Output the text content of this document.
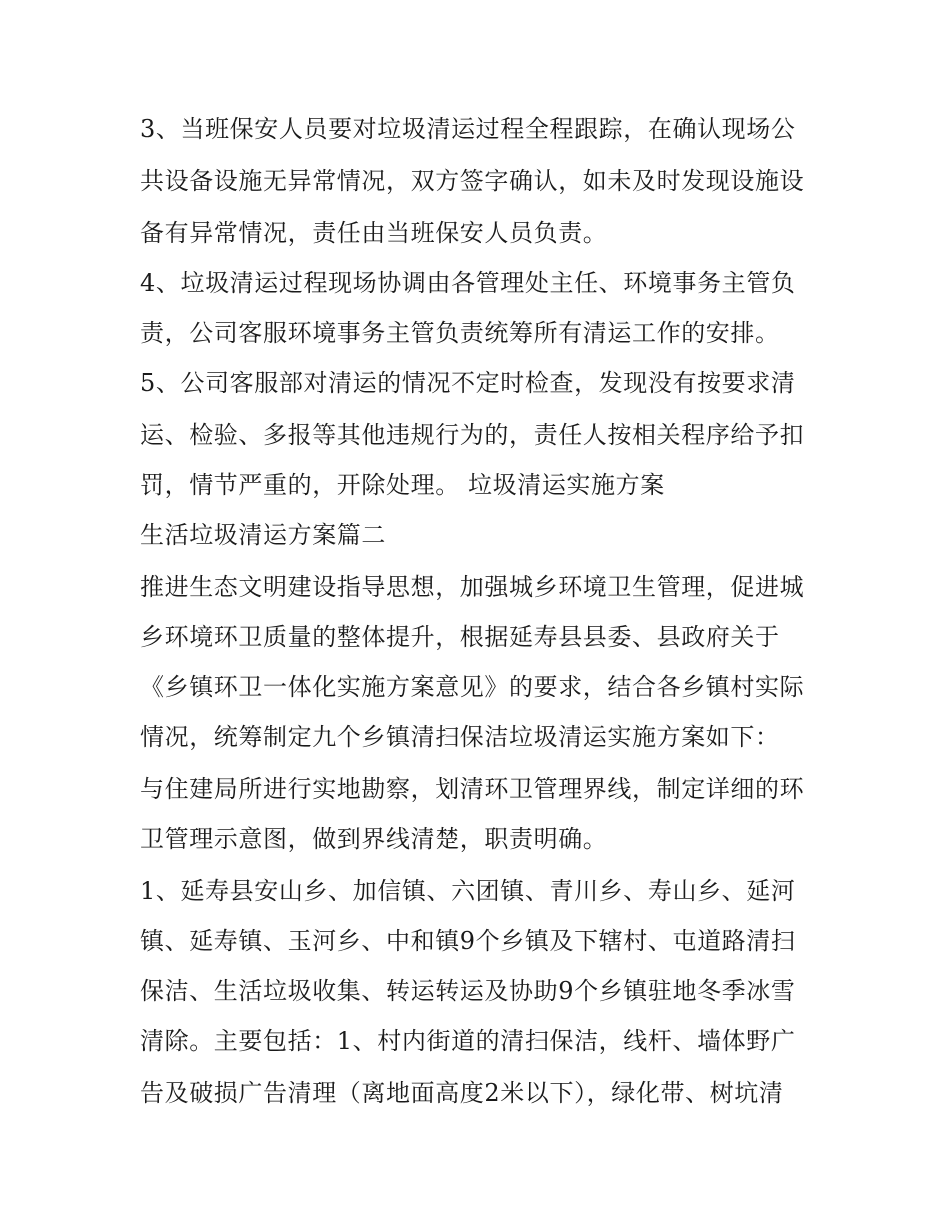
3、当班保安人员要对垃圾清运过程全程跟踪，在确认现场公
共设备设施无异常情况，双方签字确认，如未及时发现设施设
备有异常情况，责任由当班保安人员负责。
4、垃圾清运过程现场协调由各管理处主任、环境事务主管负
责，公司客服环境事务主管负责统筹所有清运工作的安排。
5、公司客服部对清运的情况不定时检查，发现没有按要求清
运、检验、多报等其他违规行为的，责任人按相关程序给予扣
罚，情节严重的，开除处理。 垃圾清运实施方案
生活垃圾清运方案篇二
推进生态文明建设指导思想，加强城乡环境卫生管理，促进城
乡环境环卫质量的整体提升，根据延寿县县委、县政府关于
《乡镇环卫一体化实施方案意见》的要求，结合各乡镇村实际
情况，统筹制定九个乡镇清扫保洁垃圾清运实施方案如下：
与住建局所进行实地勘察，划清环卫管理界线，制定详细的环
卫管理示意图，做到界线清楚，职责明确。
1、延寿县安山乡、加信镇、六团镇、青川乡、寿山乡、延河
镇、延寿镇、玉河乡、中和镇9个乡镇及下辖村、屯道路清扫
保洁、生活垃圾收集、转运转运及协助9个乡镇驻地冬季冰雪
清除。主要包括：1、村内街道的清扫保洁，线杆、墙体野广
告及破损广告清理（离地面高度2米以下），绿化带、树坑清
